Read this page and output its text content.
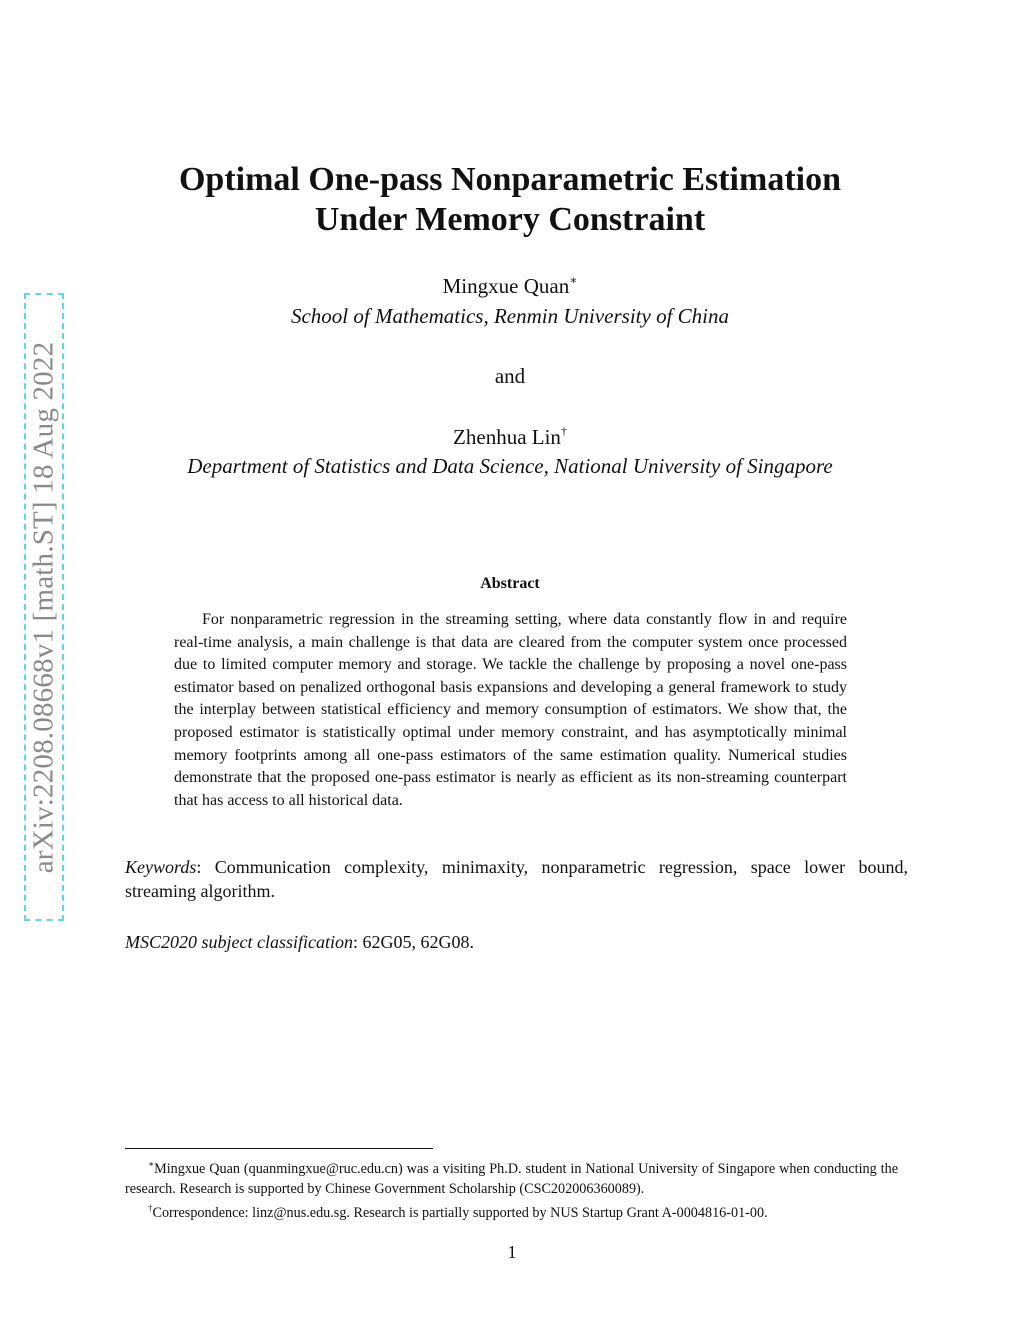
arXiv:2208.08668v1 [math.ST] 18 Aug 2022
Optimal One-pass Nonparametric Estimation
Under Memory Constraint
Mingxue Quan∗
School of Mathematics, Renmin University of China
and
Zhenhua Lin†
Department of Statistics and Data Science, National University of Singapore
Abstract
For nonparametric regression in the streaming setting, where data constantly flow in and require real-time analysis, a main challenge is that data are cleared from the computer system once processed due to limited computer memory and storage. We tackle the challenge by proposing a novel one-pass estimator based on penalized orthogonal basis expansions and developing a general framework to study the interplay between statistical efficiency and memory consumption of estimators. We show that, the proposed estimator is statistically optimal under memory constraint, and has asymptotically minimal memory footprints among all one-pass estimators of the same estimation quality. Numerical studies demonstrate that the proposed one-pass estimator is nearly as efficient as its non-streaming counterpart that has access to all historical data.
Keywords: Communication complexity, minimaxity, nonparametric regression, space lower bound, streaming algorithm.
MSC2020 subject classification: 62G05, 62G08.

∗Mingxue Quan (quanmingxue@ruc.edu.cn) was a visiting Ph.D. student in National University of Singapore when conducting the research. Research is supported by Chinese Government Scholarship (CSC202006360089).

†Correspondence: linz@nus.edu.sg. Research is partially supported by NUS Startup Grant A-0004816-01-00.

1
